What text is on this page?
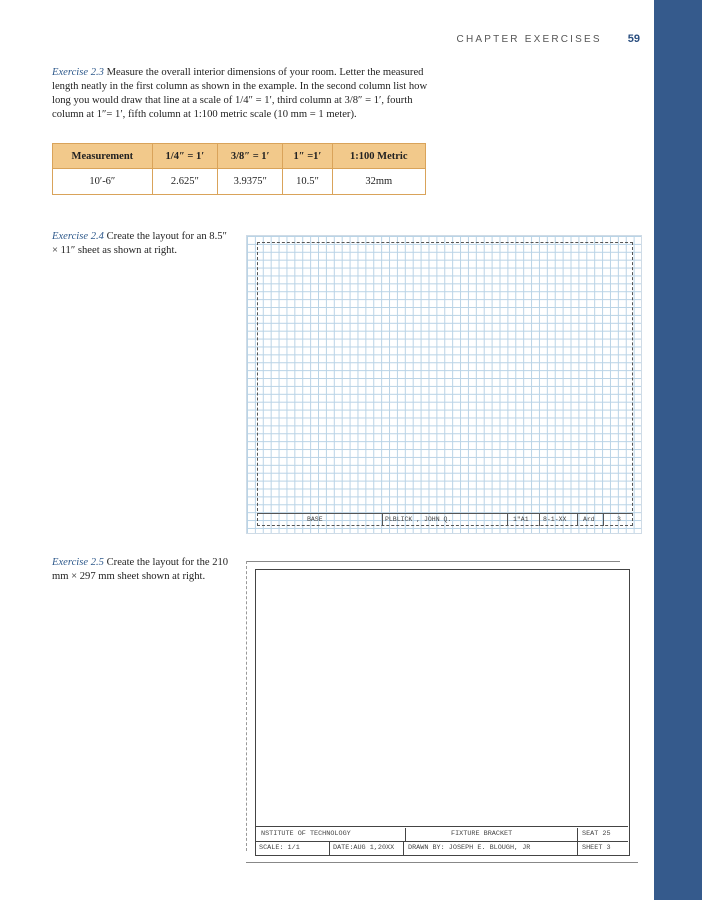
CHAPTER EXERCISES 59
Exercise 2.3 Measure the overall interior dimensions of your room. Letter the measured length neatly in the first column as shown in the example. In the second column list how long you would draw that line at a scale of 1/4″ = 1′, third column at 3/8″ = 1′, fourth column at 1″= 1′, fifth column at 1:100 metric scale (10 mm = 1 meter).
Measurement	1/4″ = 1′	3/8″ = 1′	1″ =1′	1:100 Metric
10′-6″	2.625″	3.9375″	10.5″	32mm
Exercise 2.4 Create the layout for an 8.5″ × 11″ sheet as shown at right.
BASE	PLBLICK , JOHN Q.	1"A1 8-1-XX	Ard	3
Exercise 2.5 Create the layout for the 210 mm × 297 mm sheet shown at right.
NSTITUTE OF TECHNOLOGY	FIXTURE BRACKET	SEAT 25
SCALE: 1/1	DATE:AUG 1,20XX DRAWN BY: JOSEPH E. BLOUGH, JR	SHEET 3
